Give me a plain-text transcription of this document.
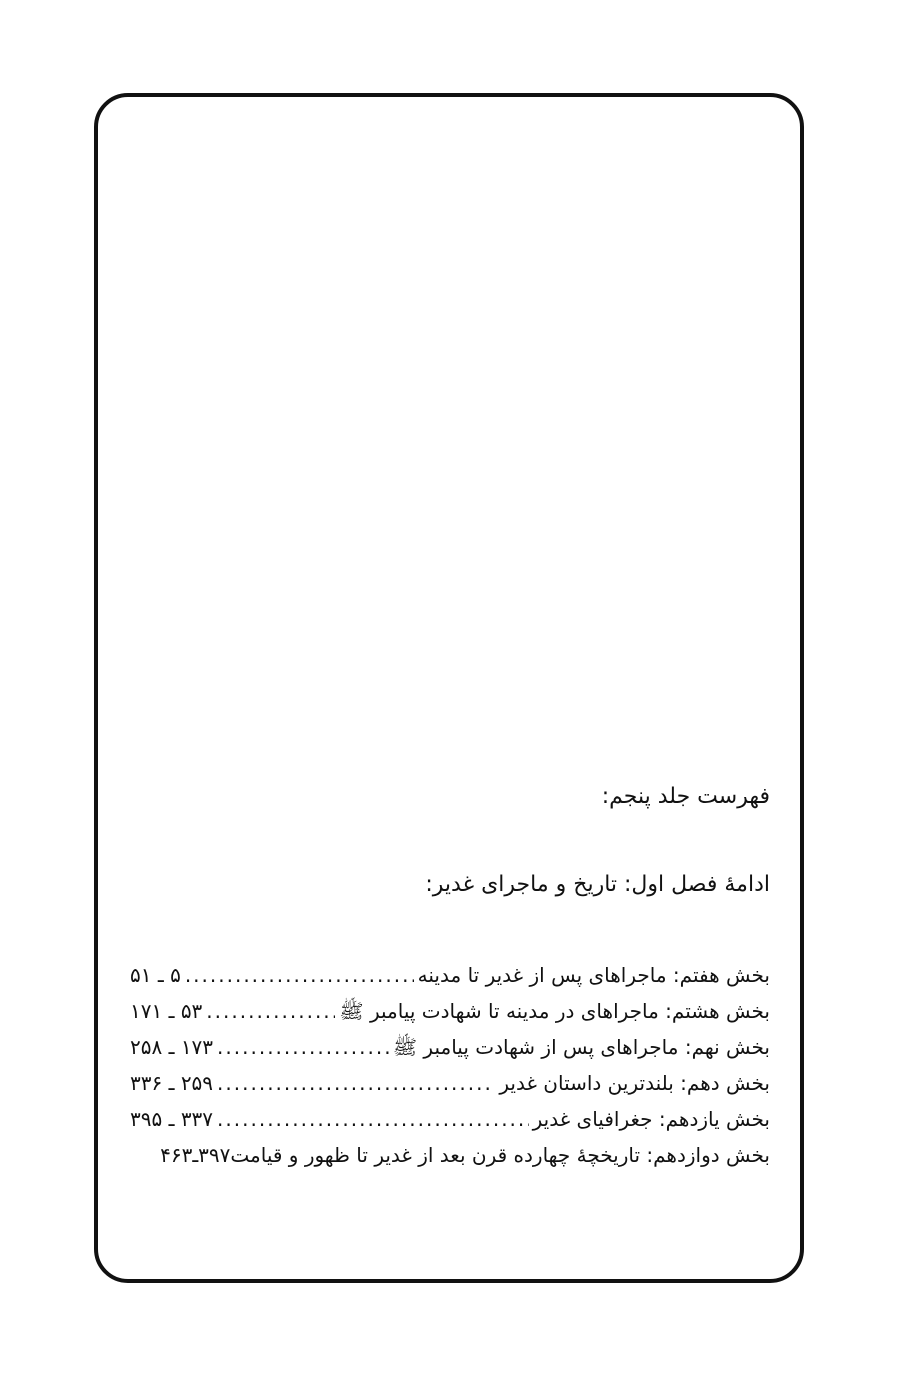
فهرست جلد پنجم:
ادامهٔ فصل اول: تاریخ و ماجرای غدیر:
بخش هفتم: ماجراهای پس از غدیر تا مدینه
.....
۵ ـ ۵۱
بخش هشتم: ماجراهای در مدینه تا شهادت پیامبر ﷺ
.....
۵۳ ـ ۱۷۱
بخش نهم: ماجراهای پس از شهادت پیامبر ﷺ
.....
۱۷۳ ـ ۲۵۸
بخش دهم: بلندترین داستان غدیر
.....
۲۵۹ ـ ۳۳۶
بخش یازدهم: جغرافیای غدیر
.....
۳۳۷ ـ ۳۹۵
بخش دوازدهم: تاریخچهٔ چهارده قرن بعد از غدیر تا ظهور و قیامت
۳۹۷ـ۴۶۳
